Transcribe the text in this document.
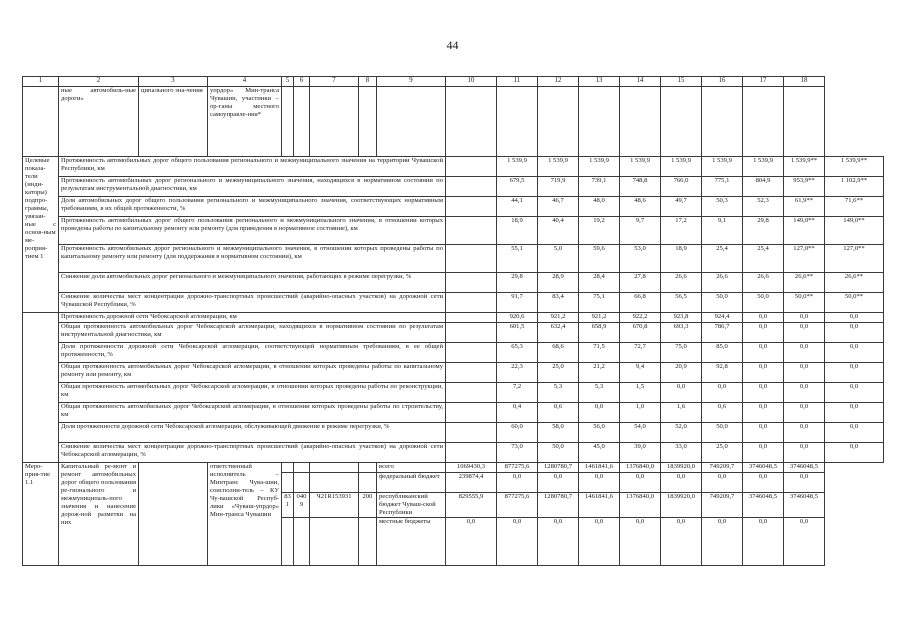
44
1	2	3	4	5	6	7	8	9	10	11	12	13	14	15	16	17	18	
	ные автомобиль-ные дороги»	ципального зна-чения	упрдор» Мин-транса Чувашии, участники – ор-ганы местного самоуправле-ния*															
Целевые показа-тели (инди-каторы) подпро-граммы, увязан-ные с основ-ным ме-роприя-тием 1	Протяженность автомобильных дорог общего пользования регионального и межмуниципального значения на территории Чувашской Республики, км									1 539,9	1 539,9	1 539,9	1 539,9	1 539,9	1 539,9	1 539,9	1 539,9**	1 539,9**
	Протяженность автомобильных дорог регионального и межмуниципального значения, находящихся в нормативном состоянии по результатам инструментальной диагностики, км									679,5	719,9	739,1	748,8	766,0	775,1	804,9	953,9**	1 102,9**
	Доля автомобильных дорог общего пользования регионального и межмуниципального значения, соответствующих нормативным требованиям, в их общей протяженности, %									44,1	46,7	48,0	48,6	49,7	50,3	52,3	61,9**	71,6**
	Протяженность автомобильных дорог общего пользования регионального и межмуниципального значения, в отношении которых проведены работы по капитальному ремонту или ремонту (для приведения в нормативное состояние), км									18,9	40,4	19,2	9,7	17,2	9,1	29,8	149,0**	149,0**
	Протяженность автомобильных дорог регионального и межмуниципального значения, в отношении которых проведены работы по капитальному ремонту или ремонту (для поддержания в нормативном состоянии), км									55,1	5,0	59,6	53,0	18,9	25,4	25,4	127,0**	127,0**
	Снижение доли автомобильных дорог регионального и межмуниципального значения, работающих в режиме перегрузки, %									29,8	28,9	28,4	27,8	26,6	26,6	26,6	26,6**	26,6**
	Снижение количества мест концентрации дорожно-транспортных происшествий (аварийно-опасных участков) на дорожной сети Чувашской Республики, %									91,7	83,4	75,1	66,8	56,5	50,0	50,0	50,0**	50,0**
	Протяженность дорожной сети Чебоксарской агломерации, км									920,6	921,2	921,2	922,2	923,8	924,4	0,0	0,0	0,0
	Общая протяженность автомобильных дорог Чебоксарской агломерации, находящихся в нормативном состоянии по результатам инструментальной диагностики, км									601,5	632,4	658,9	670,8	693,3	786,7	0,0	0,0	0,0
	Доля протяженности дорожной сети Чебоксарской агломерации, соответствующей нормативным требованиям, в ее общей протяженности, %									65,3	68,6	71,5	72,7	75,0	85,0	0,0	0,0	0,0
	Общая протяженность автомобильных дорог Чебоксарской агломерации, в отношении которых проведены работы по капитальному ремонту или ремонту, км									22,3	25,0	21,2	9,4	20,9	92,8	0,0	0,0	0,0
	Общая протяженность автомобильных дорог Чебоксарской агломерации, в отношении которых проведены работы по реконструкции, км									7,2	5,3	5,3	1,5	0,0	0,0	0,0	0,0	0,0
	Общая протяженность автомобильных дорог Чебоксарской агломерации, в отношении которых проведены работы по строительству, км									0,4	0,6	0,0	1,0	1,6	0,6	0,0	0,0	0,0
	Доля протяженности дорожной сети Чебоксарской агломерации, обслуживающей движение в режиме перегрузки, %									60,0	58,0	56,0	54,0	52,0	50,0	0,0	0,0	0,0
	Снижение количества мест концентрации дорожно-транспортных происшествий (аварийно-опасных участков) на дорожной сети Чебоксарской агломерации, %									73,0	50,0	45,0	39,0	33,0	25,0	0,0	0,0	0,0
Меро-прия-тие 1.1	Капитальный ре-монт и ремонт автомобильных дорог общего пользования ре-гионального и межмуниципаль-ного значения и нанесение дорож-ной разметки на них		ответственный исполнитель – Минтранс Чува-шии, соисполни-тель – КУ Чу-вашской Респуб-лики «Чуваш-упрдор» Мин-транса Чувашии					всего	1069430,3	877275,6	1280780,7	1461841,6	1376840,0	1839920,0	749209,7	3746048,5	3746048,5	
								федеральный бюджет	239874,4	0,0	0,0	0,0	0,0	0,0	0,0	0,0	0,0	
				831	0409	Ч21R153931	200	республиканский бюджет Чуваш-ской Республики	829555,9	877275,6	1280780,7	1461841,6	1376840,0	1839920,0	749209,7	3746048,5	3746048,5	
								местные бюджеты	0,0	0,0	0,0	0,0	0,0	0,0	0,0	0,0	0,0	
